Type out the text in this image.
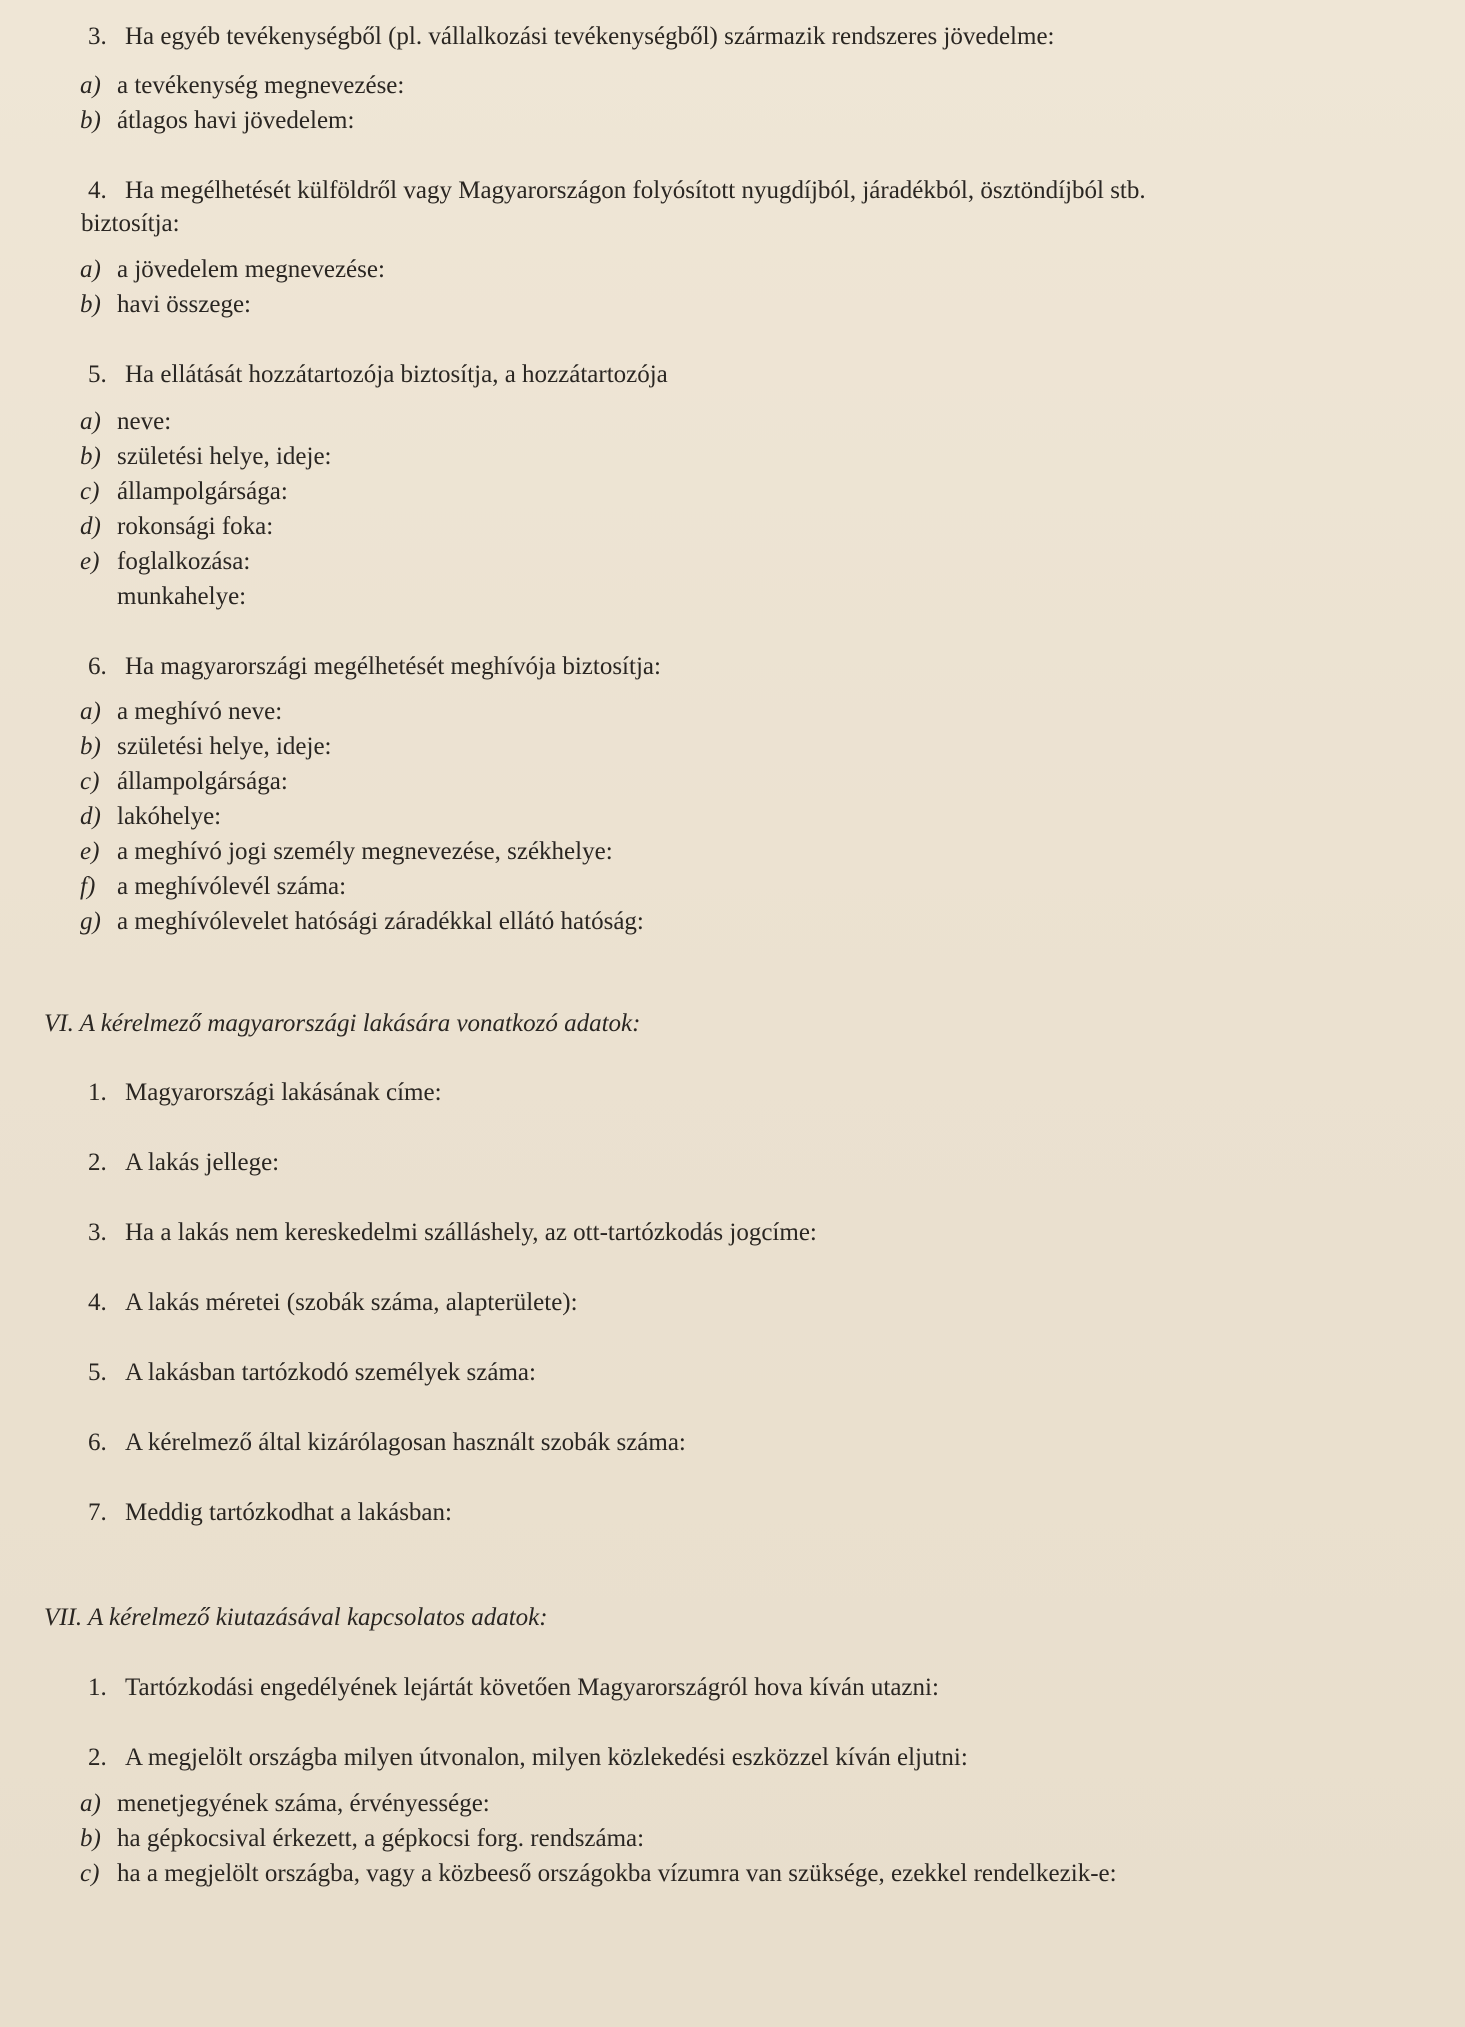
3. Ha egyéb tevékenységből (pl. vállalkozási tevékenységből) származik rendszeres jövedelme:
a) a tevékenység megnevezése:
b) átlagos havi jövedelem:
4. Ha megélhetését külföldről vagy Magyarországon folyósított nyugdíjból, járadékból, ösztöndíjból stb.
biztosítja:
a) a jövedelem megnevezése:
b) havi összege:
5. Ha ellátását hozzátartozója biztosítja, a hozzátartozója
a) neve:
b) születési helye, ideje:
c) állampolgársága:
d) rokonsági foka:
e) foglalkozása:
munkahelye:
6. Ha magyarországi megélhetését meghívója biztosítja:
a) a meghívó neve:
b) születési helye, ideje:
c) állampolgársága:
d) lakóhelye:
e) a meghívó jogi személy megnevezése, székhelye:
f) a meghívólevél száma:
g) a meghívólevelet hatósági záradékkal ellátó hatóság:
VI. A kérelmező magyarországi lakására vonatkozó adatok:
1. Magyarországi lakásának címe:
2. A lakás jellege:
3. Ha a lakás nem kereskedelmi szálláshely, az ott-tartózkodás jogcíme:
4. A lakás méretei (szobák száma, alapterülete):
5. A lakásban tartózkodó személyek száma:
6. A kérelmező által kizárólagosan használt szobák száma:
7. Meddig tartózkodhat a lakásban:
VII. A kérelmező kiutazásával kapcsolatos adatok:
1. Tartózkodási engedélyének lejártát követően Magyarországról hova kíván utazni:
2. A megjelölt országba milyen útvonalon, milyen közlekedési eszközzel kíván eljutni:
a) menetjegyének száma, érvényessége:
b) ha gépkocsival érkezett, a gépkocsi forg. rendszáma:
c) ha a megjelölt országba, vagy a közbeeső országokba vízumra van szüksége, ezekkel rendelkezik-e:
